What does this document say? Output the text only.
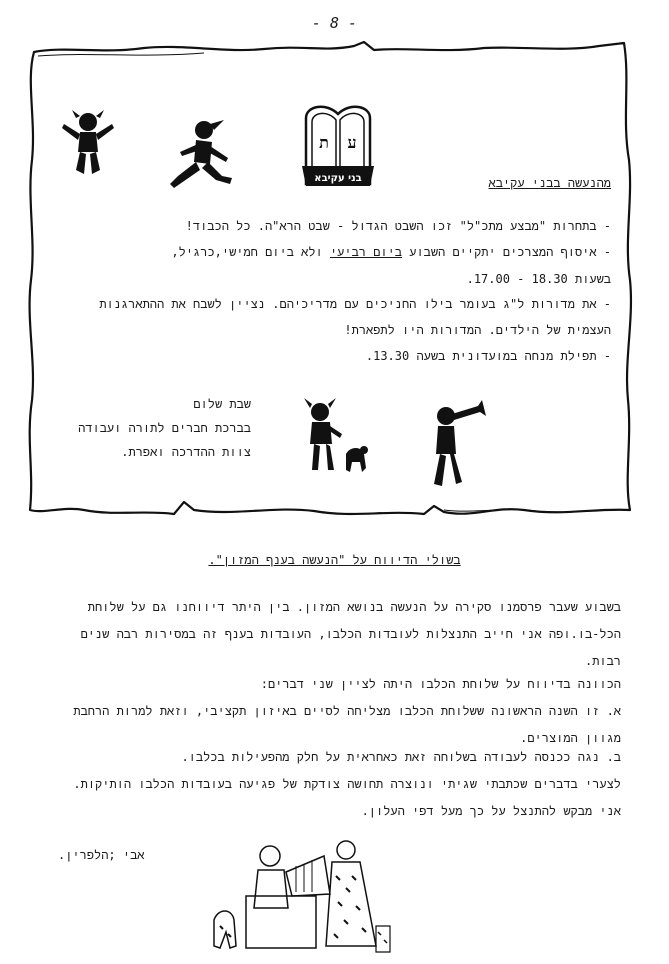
- 8 -
ת ע
בני עקיבא	מהנעשה בבני עקיבא
- בתחרות "מבצע מתכ"ל" זכו השבט הגדול - שבט הרא"ה. כל הכבוד!
- איסוף המצרכים יתקיים השבוע ביום רביעי ולא ביום חמישי,כרגיל,
בשעות 18.30 - 17.00.
- את מדורות ל"ג בעומר בילו החניכים עם מדריכיהם. נציין לשבח את ההתארגנות
העצמית של הילדים. המדורות היו לתפארת!
- תפילת מנחה במועדונית בשעה 13.30.
שבת שלום
בברכת חברים לתורה ועבודה
צוות ההדרכה ואפרת.
בשולי הדיווח על "הנעשה בענף המזון".
בשבוע שעבר פרסמנו סקירה על הנעשה בנושא המזון. בין היתר דיווחנו גם על שלוחת
הכל-בו.ופה אני חייב התנצלות לעובדות הכלבו, העובדות בענף זה במסירות רבה שנים
רבות.
הכוונה בדיווח על שלוחת הכלבו היתה לציין שני דברים:
א. זו השנה הראשונה ששלוחת הכלבו מצליחה לסיים באיזון תקציבי, וזאת למרות הרחבת
מגוון המוצרים.
ב. נגה ככנסה לעבודה בשלוחה זאת כאחראית על חלק מהפעילות בכלבו.
לצערי בדברים שכתבתי שגיתי ונוצרה תחושה צודקת של פגיעה בעובדות הכלבו הותיקות.
אני מבקש להתנצל על כך מעל דפי העלון.
אבי ;הלפרין.
